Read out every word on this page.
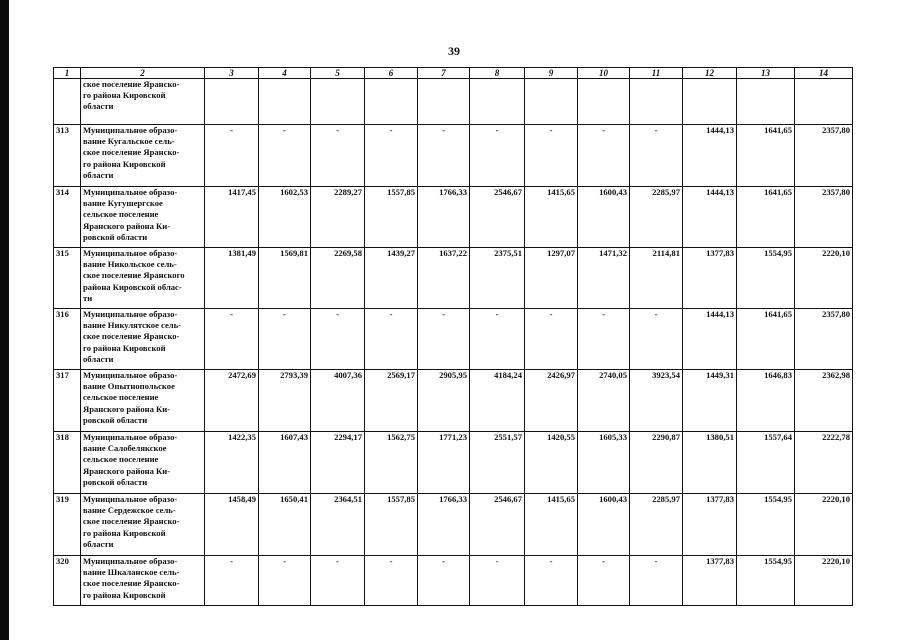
39
1	2	3	4	5	6	7	8	9	10	11	12	13	14
	ское поселение Яранско-
го района Кировской
области												
313	Муниципальное образо-
вание Кугальское сель-
ское поселение Яранско-
го района Кировской
области	-	-	-	-	-	-	-	-	-	1444,13	1641,65	2357,80
314	Муниципальное образо-
вание Кугушергское
сельское поселение
Яранского района Ки-
ровской области	1417,45	1602,53	2289,27	1557,85	1766,33	2546,67	1415,65	1600,43	2285,97	1444,13	1641,65	2357,80
315	Муниципальное образо-
вание Никольское сель-
ское поселение Яранского
района Кировской облас-
ти	1381,49	1569,81	2269,58	1439,27	1637,22	2375,51	1297,07	1471,32	2114,81	1377,83	1554,95	2220,10
316	Муниципальное образо-
вание Никулятское сель-
ское поселение Яранско-
го района Кировской
области	-	-	-	-	-	-	-	-	-	1444,13	1641,65	2357,80
317	Муниципальное образо-
вание Опытнопольское
сельское поселение
Яранского района Ки-
ровской области	2472,69	2793,39	4007,36	2569,17	2905,95	4184,24	2426,97	2740,05	3923,54	1449,31	1646,83	2362,98
318	Муниципальное образо-
вание Салобелякское
сельское поселение
Яранского района Ки-
ровской области	1422,35	1607,43	2294,17	1562,75	1771,23	2551,57	1420,55	1605,33	2290,87	1380,51	1557,64	2222,78
319	Муниципальное образо-
вание Сердежское сель-
ское поселение Яранско-
го района Кировской
области	1458,49	1650,41	2364,51	1557,85	1766,33	2546,67	1415,65	1600,43	2285,97	1377,83	1554,95	2220,10
320	Муниципальное образо-
вание Шкаланское сель-
ское поселение Яранско-
го района Кировской	-	-	-	-	-	-	-	-	-	1377,83	1554,95	2220,10
